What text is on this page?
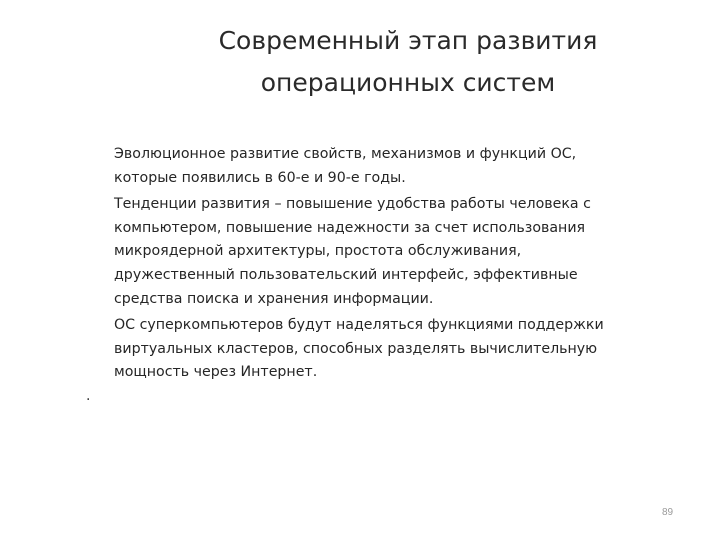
Современный этап развития
операционных систем

Эволюционное развитие свойств, механизмов и функций ОС,
которые появились в 60-е и 90-е годы.

Тенденции развития – повышение удобства работы человека с
компьютером, повышение надежности за счет использования
микроядерной архитектуры, простота обслуживания,
дружественный пользовательский интерфейс, эффективные
средства поиска и хранения информации.

ОС суперкомпьютеров будут наделяться функциями поддержки
виртуальных кластеров, способных разделять вычислительную
мощность через Интернет.

.
89
